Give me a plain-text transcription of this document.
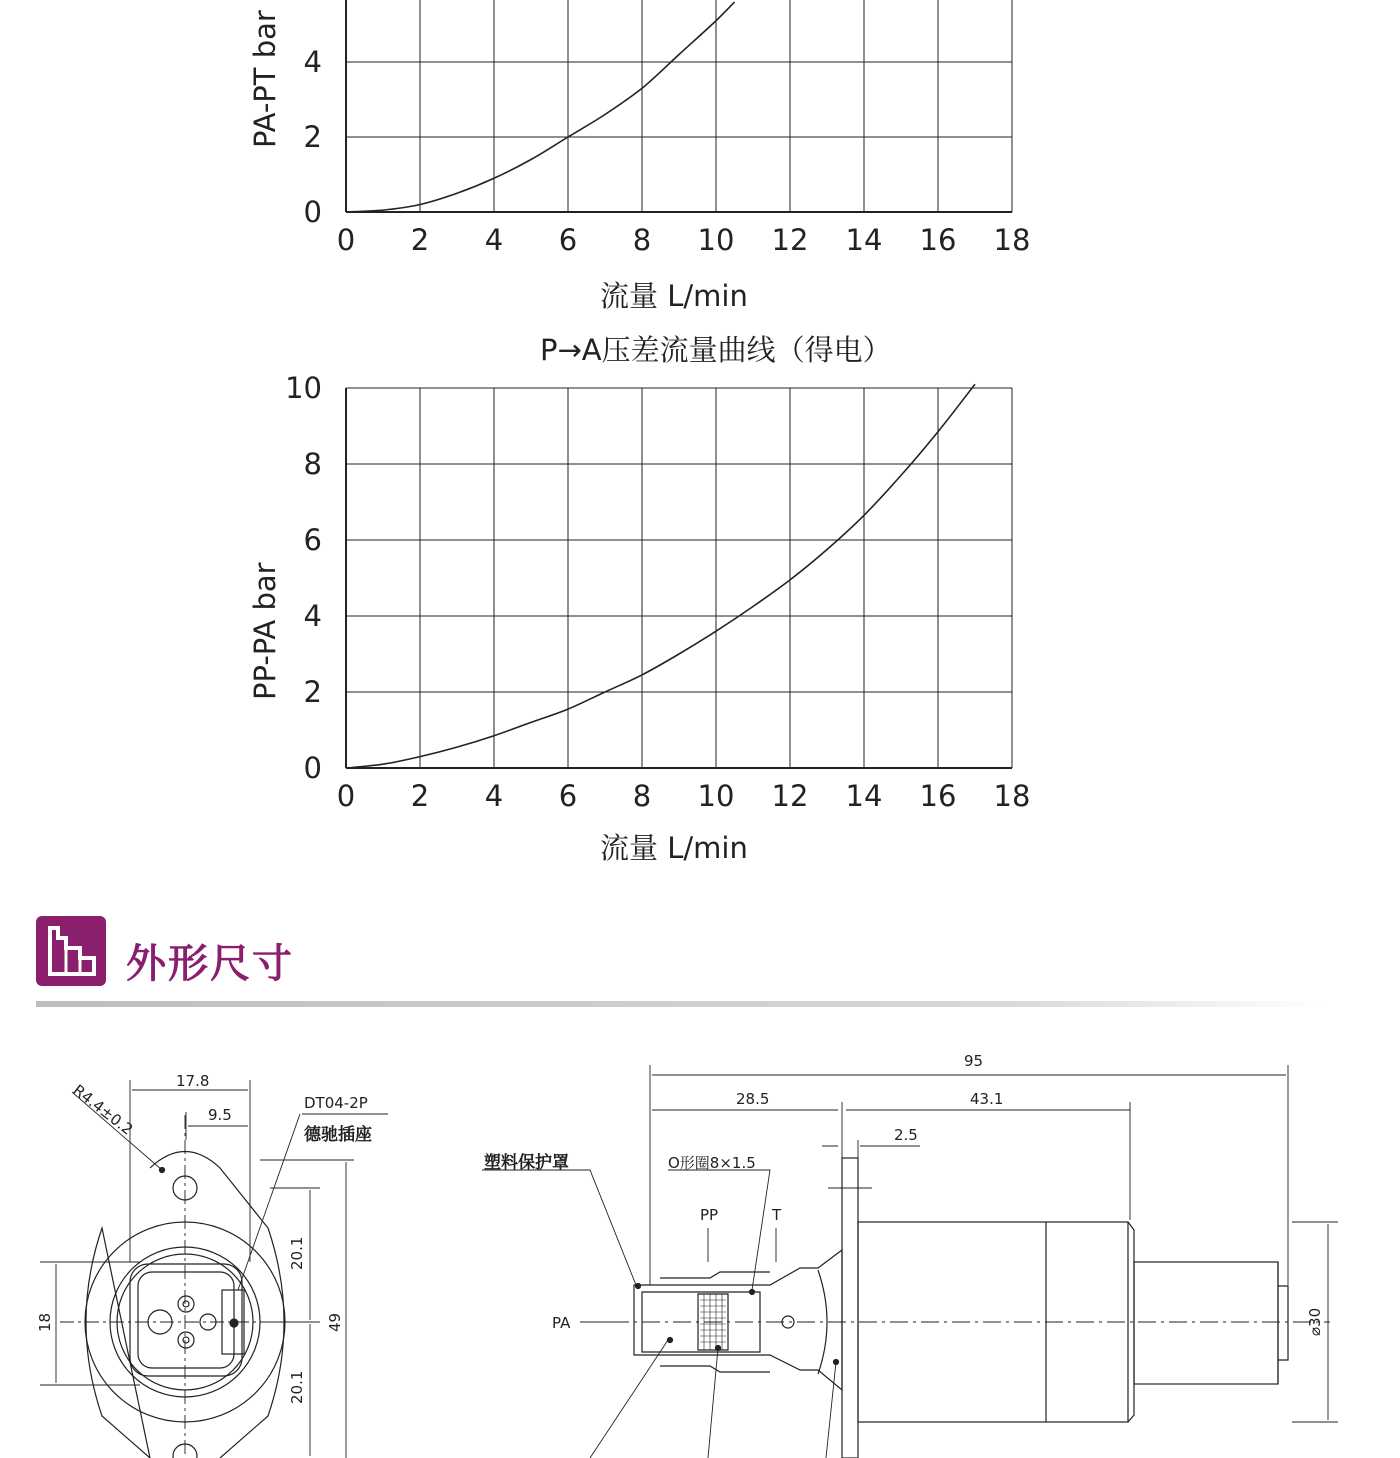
0
2
4
0 2 4 6 8 10 12 14 16 18
PA-PT bar
流量 L/min
P→A压差流量曲线（得电）
0
2
4
6
8
10
0 2 4 6 8 10 12 14 16 18
PP-PA bar
流量 L/min
外形尺寸
17.8
9.5
18
20.1
49
20.1
R4.4±0.2	DT04-2P
德驰插座
95
28.5	43.1
2.5
⌀30
塑料保护罩	O形圈8×1.5
PP	T
PA
